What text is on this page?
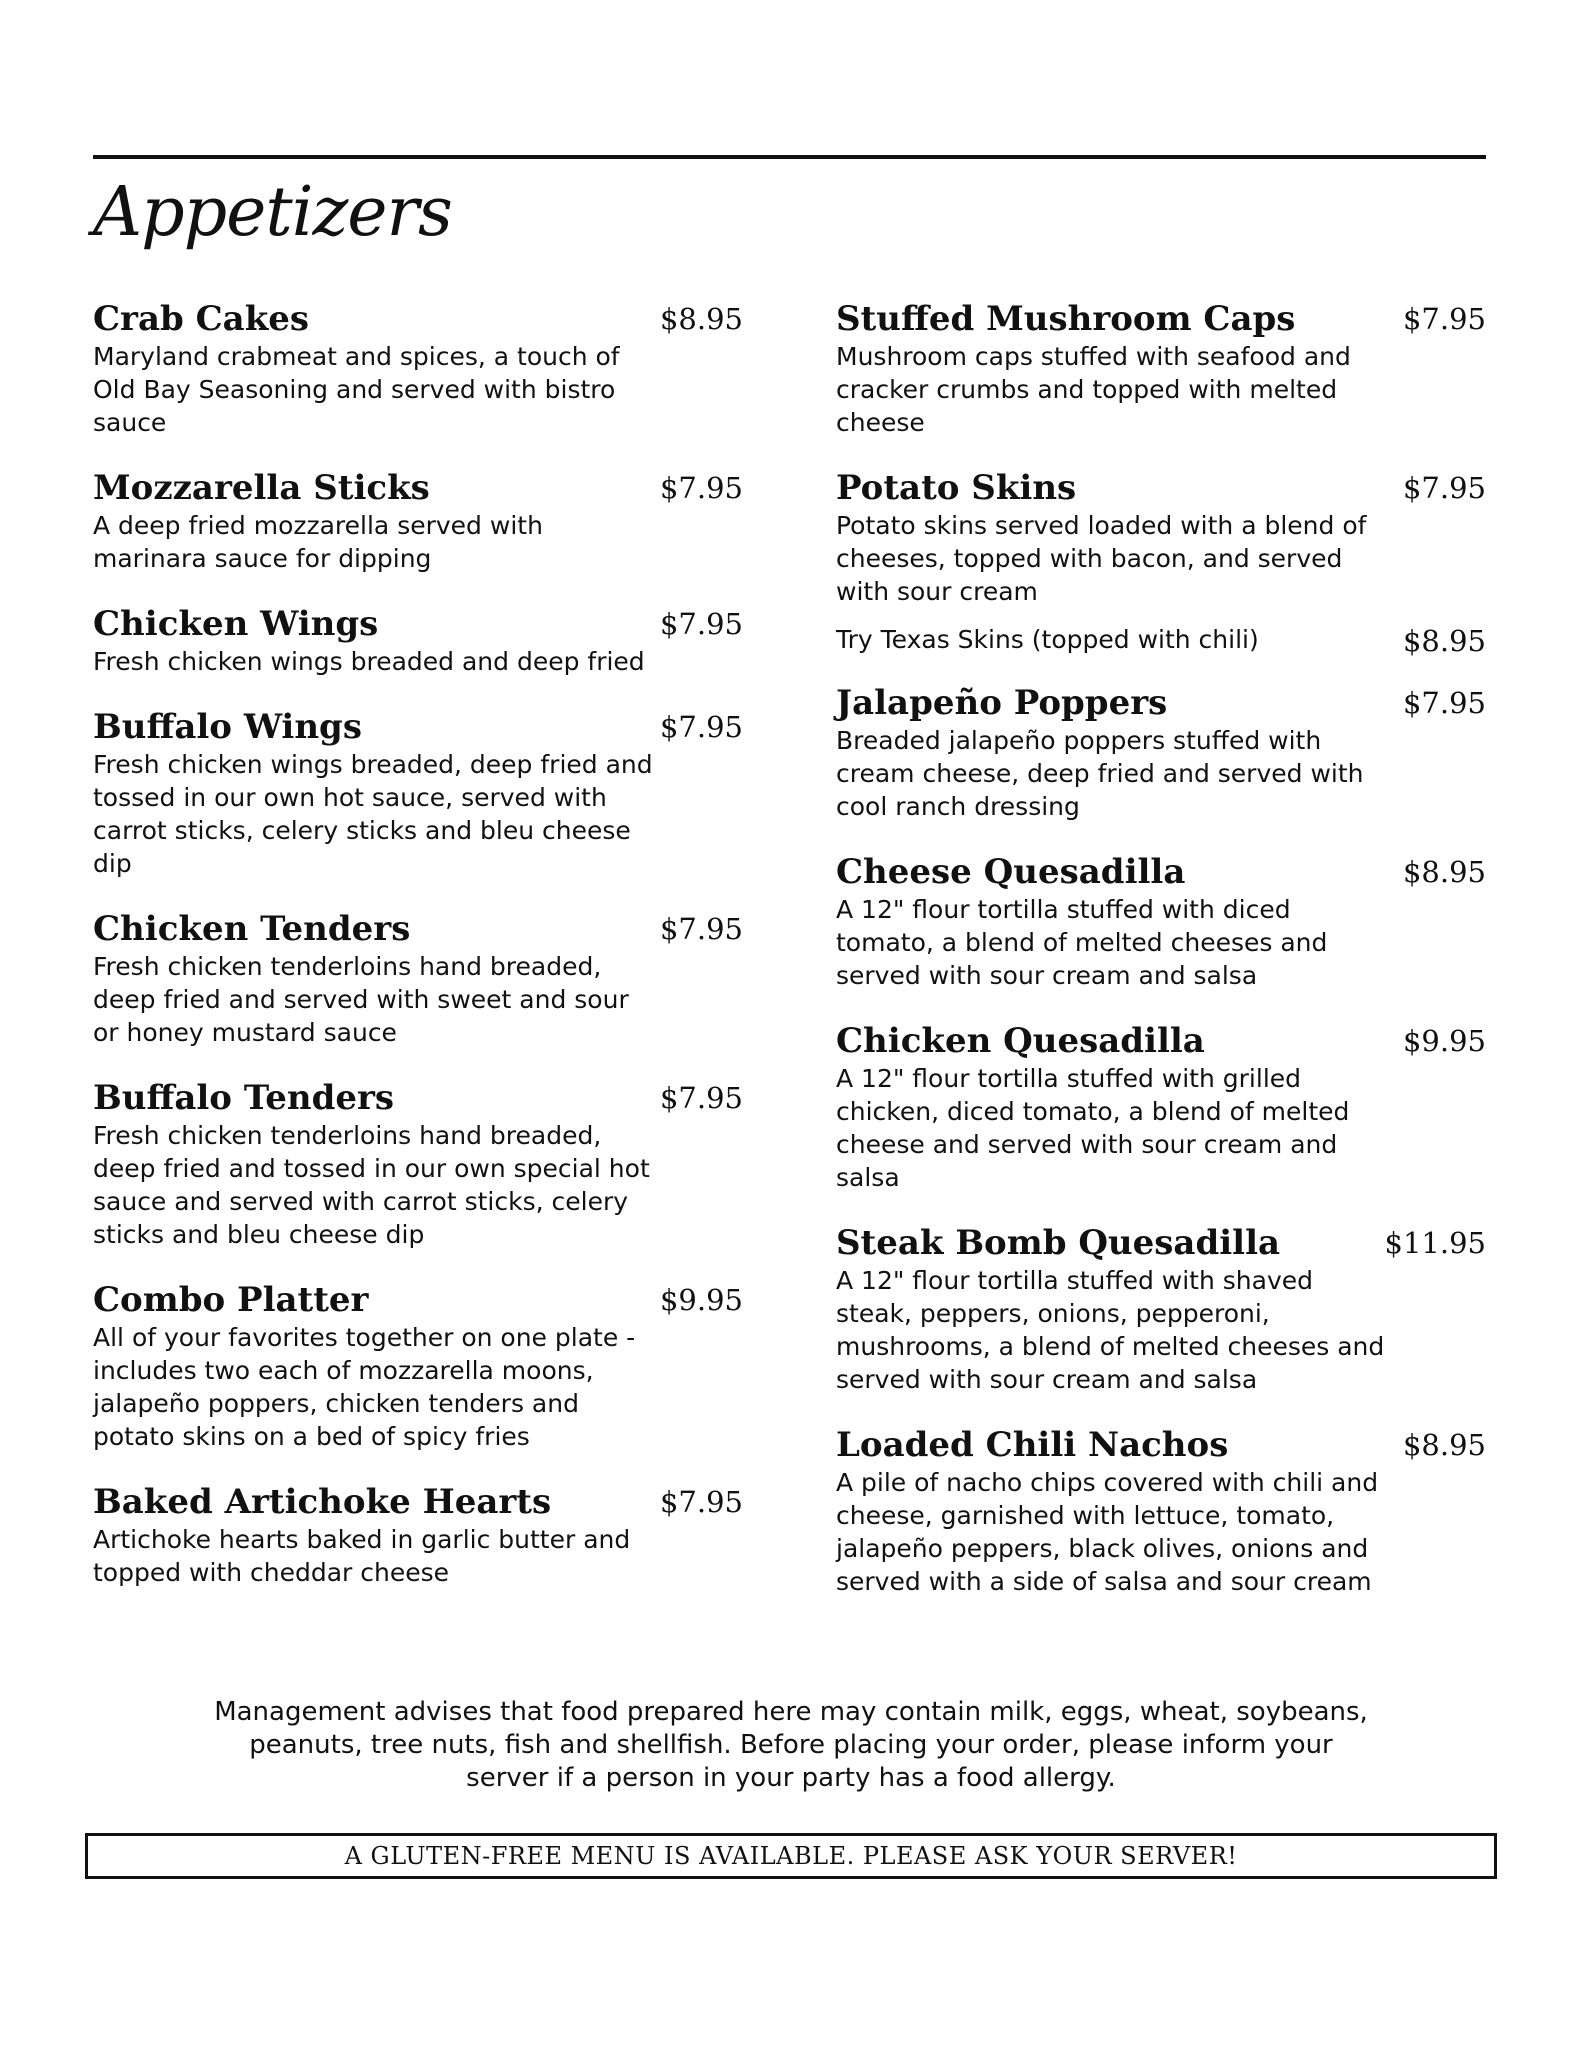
Appetizers
Crab Cakes	$8.95
Maryland crabmeat and spices, a touch of Old Bay Seasoning and served with bistro sauce
Mozzarella Sticks	$7.95
A deep fried mozzarella served with marinara sauce for dipping
Chicken Wings	$7.95
Fresh chicken wings breaded and deep fried
Buffalo Wings	$7.95
Fresh chicken wings breaded, deep fried and tossed in our own hot sauce, served with carrot sticks, celery sticks and bleu cheese dip
Chicken Tenders	$7.95
Fresh chicken tenderloins hand breaded, deep fried and served with sweet and sour or honey mustard sauce
Buffalo Tenders	$7.95
Fresh chicken tenderloins hand breaded, deep fried and tossed in our own special hot sauce and served with carrot sticks, celery sticks and bleu cheese dip
Combo Platter	$9.95
All of your favorites together on one plate - includes two each of mozzarella moons, jalapeño poppers, chicken tenders and potato skins on a bed of spicy fries
Baked Artichoke Hearts	$7.95
Artichoke hearts baked in garlic butter and topped with cheddar cheese
Stuffed Mushroom Caps	$7.95
Mushroom caps stuffed with seafood and cracker crumbs and topped with melted cheese
Potato Skins	$7.95
Potato skins served loaded with a blend of cheeses, topped with bacon, and served with sour cream
Try Texas Skins (topped with chili)	$8.95
Jalapeño Poppers	$7.95
Breaded jalapeño poppers stuffed with cream cheese, deep fried and served with cool ranch dressing
Cheese Quesadilla	$8.95
A 12" flour tortilla stuffed with diced tomato, a blend of melted cheeses and served with sour cream and salsa
Chicken Quesadilla	$9.95
A 12" flour tortilla stuffed with grilled chicken, diced tomato, a blend of melted cheese and served with sour cream and salsa
Steak Bomb Quesadilla	$11.95
A 12" flour tortilla stuffed with shaved steak, peppers, onions, pepperoni, mushrooms, a blend of melted cheeses and served with sour cream and salsa
Loaded Chili Nachos	$8.95
A pile of nacho chips covered with chili and cheese, garnished with lettuce, tomato, jalapeño peppers, black olives, onions and served with a side of salsa and sour cream
Management advises that food prepared here may contain milk, eggs, wheat, soybeans,
peanuts, tree nuts, fish and shellfish. Before placing your order, please inform your
server if a person in your party has a food allergy.
A GLUTEN-FREE MENU IS AVAILABLE. PLEASE ASK YOUR SERVER!
